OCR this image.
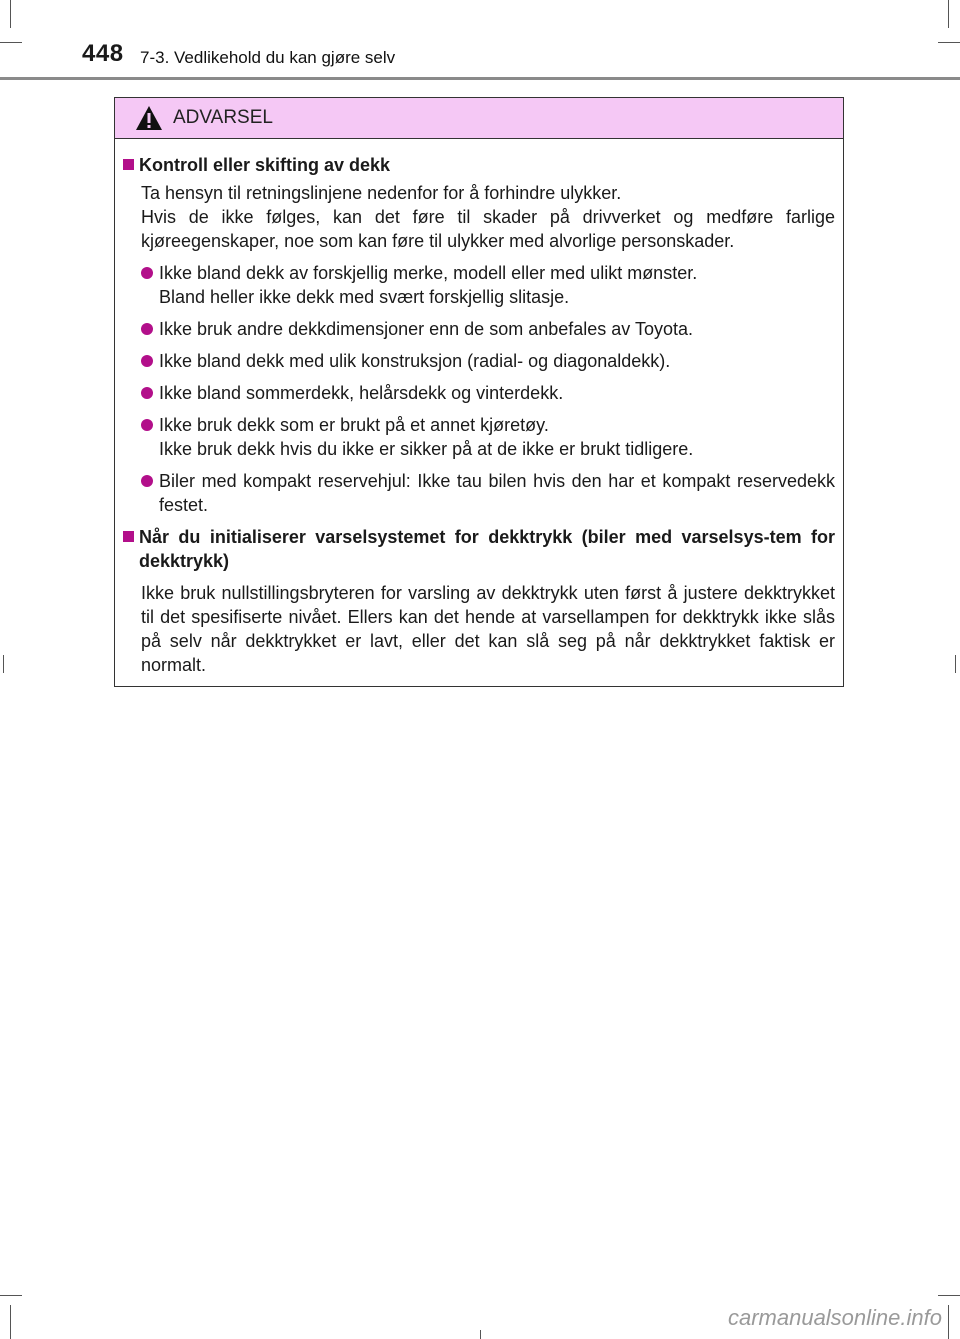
448 7-3. Vedlikehold du kan gjøre selv
ADVARSEL
Kontroll eller skifting av dekk

Ta hensyn til retningslinjene nedenfor for å forhindre ulykker.

Hvis de ikke følges, kan det føre til skader på drivverket og medføre farlige kjøreegenskaper, noe som kan føre til ulykker med alvorlige personskader.

Ikke bland dekk av forskjellig merke, modell eller med ulikt mønster.
Bland heller ikke dekk med svært forskjellig slitasje.
Ikke bruk andre dekkdimensjoner enn de som anbefales av Toyota.
Ikke bland dekk med ulik konstruksjon (radial- og diagonaldekk).
Ikke bland sommerdekk, helårsdekk og vinterdekk.
Ikke bruk dekk som er brukt på et annet kjøretøy.
Ikke bruk dekk hvis du ikke er sikker på at de ikke er brukt tidligere.
Biler med kompakt reservehjul: Ikke tau bilen hvis den har et kompakt reservedekk festet.
Når du initialiserer varselsystemet for dekktrykk (biler med varselsys-tem for dekktrykk)

Ikke bruk nullstillingsbryteren for varsling av dekktrykk uten først å justere dekktrykket til det spesifiserte nivået. Ellers kan det hende at varsellampen for dekktrykk ikke slås på selv når dekktrykket er lavt, eller det kan slå seg på når dekktrykket faktisk er normalt.

carmanualsonline.info
